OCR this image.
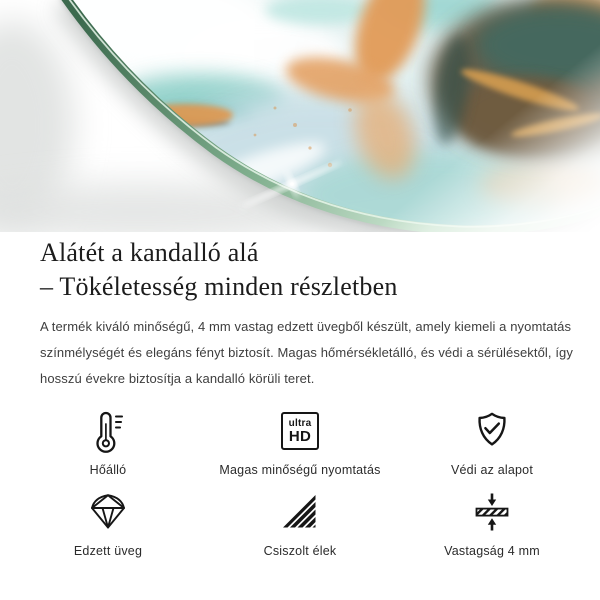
Alátét a kandalló alá
– Tökéletesség minden részletben

A termék kiváló minőségű, 4 mm vastag edzett üvegből készült, amely kiemeli a nyomtatás
színmélységét és elegáns fényt biztosít. Magas hőmérsékletálló, és védi a sérülésektől, így
hosszú évekre biztosítja a kandalló körüli teret.

Hőálló
ultra
HD
Magas minőségű nyomtatás	Védi az alapot
Edzett üveg	Csiszolt élek	Vastagság 4 mm
